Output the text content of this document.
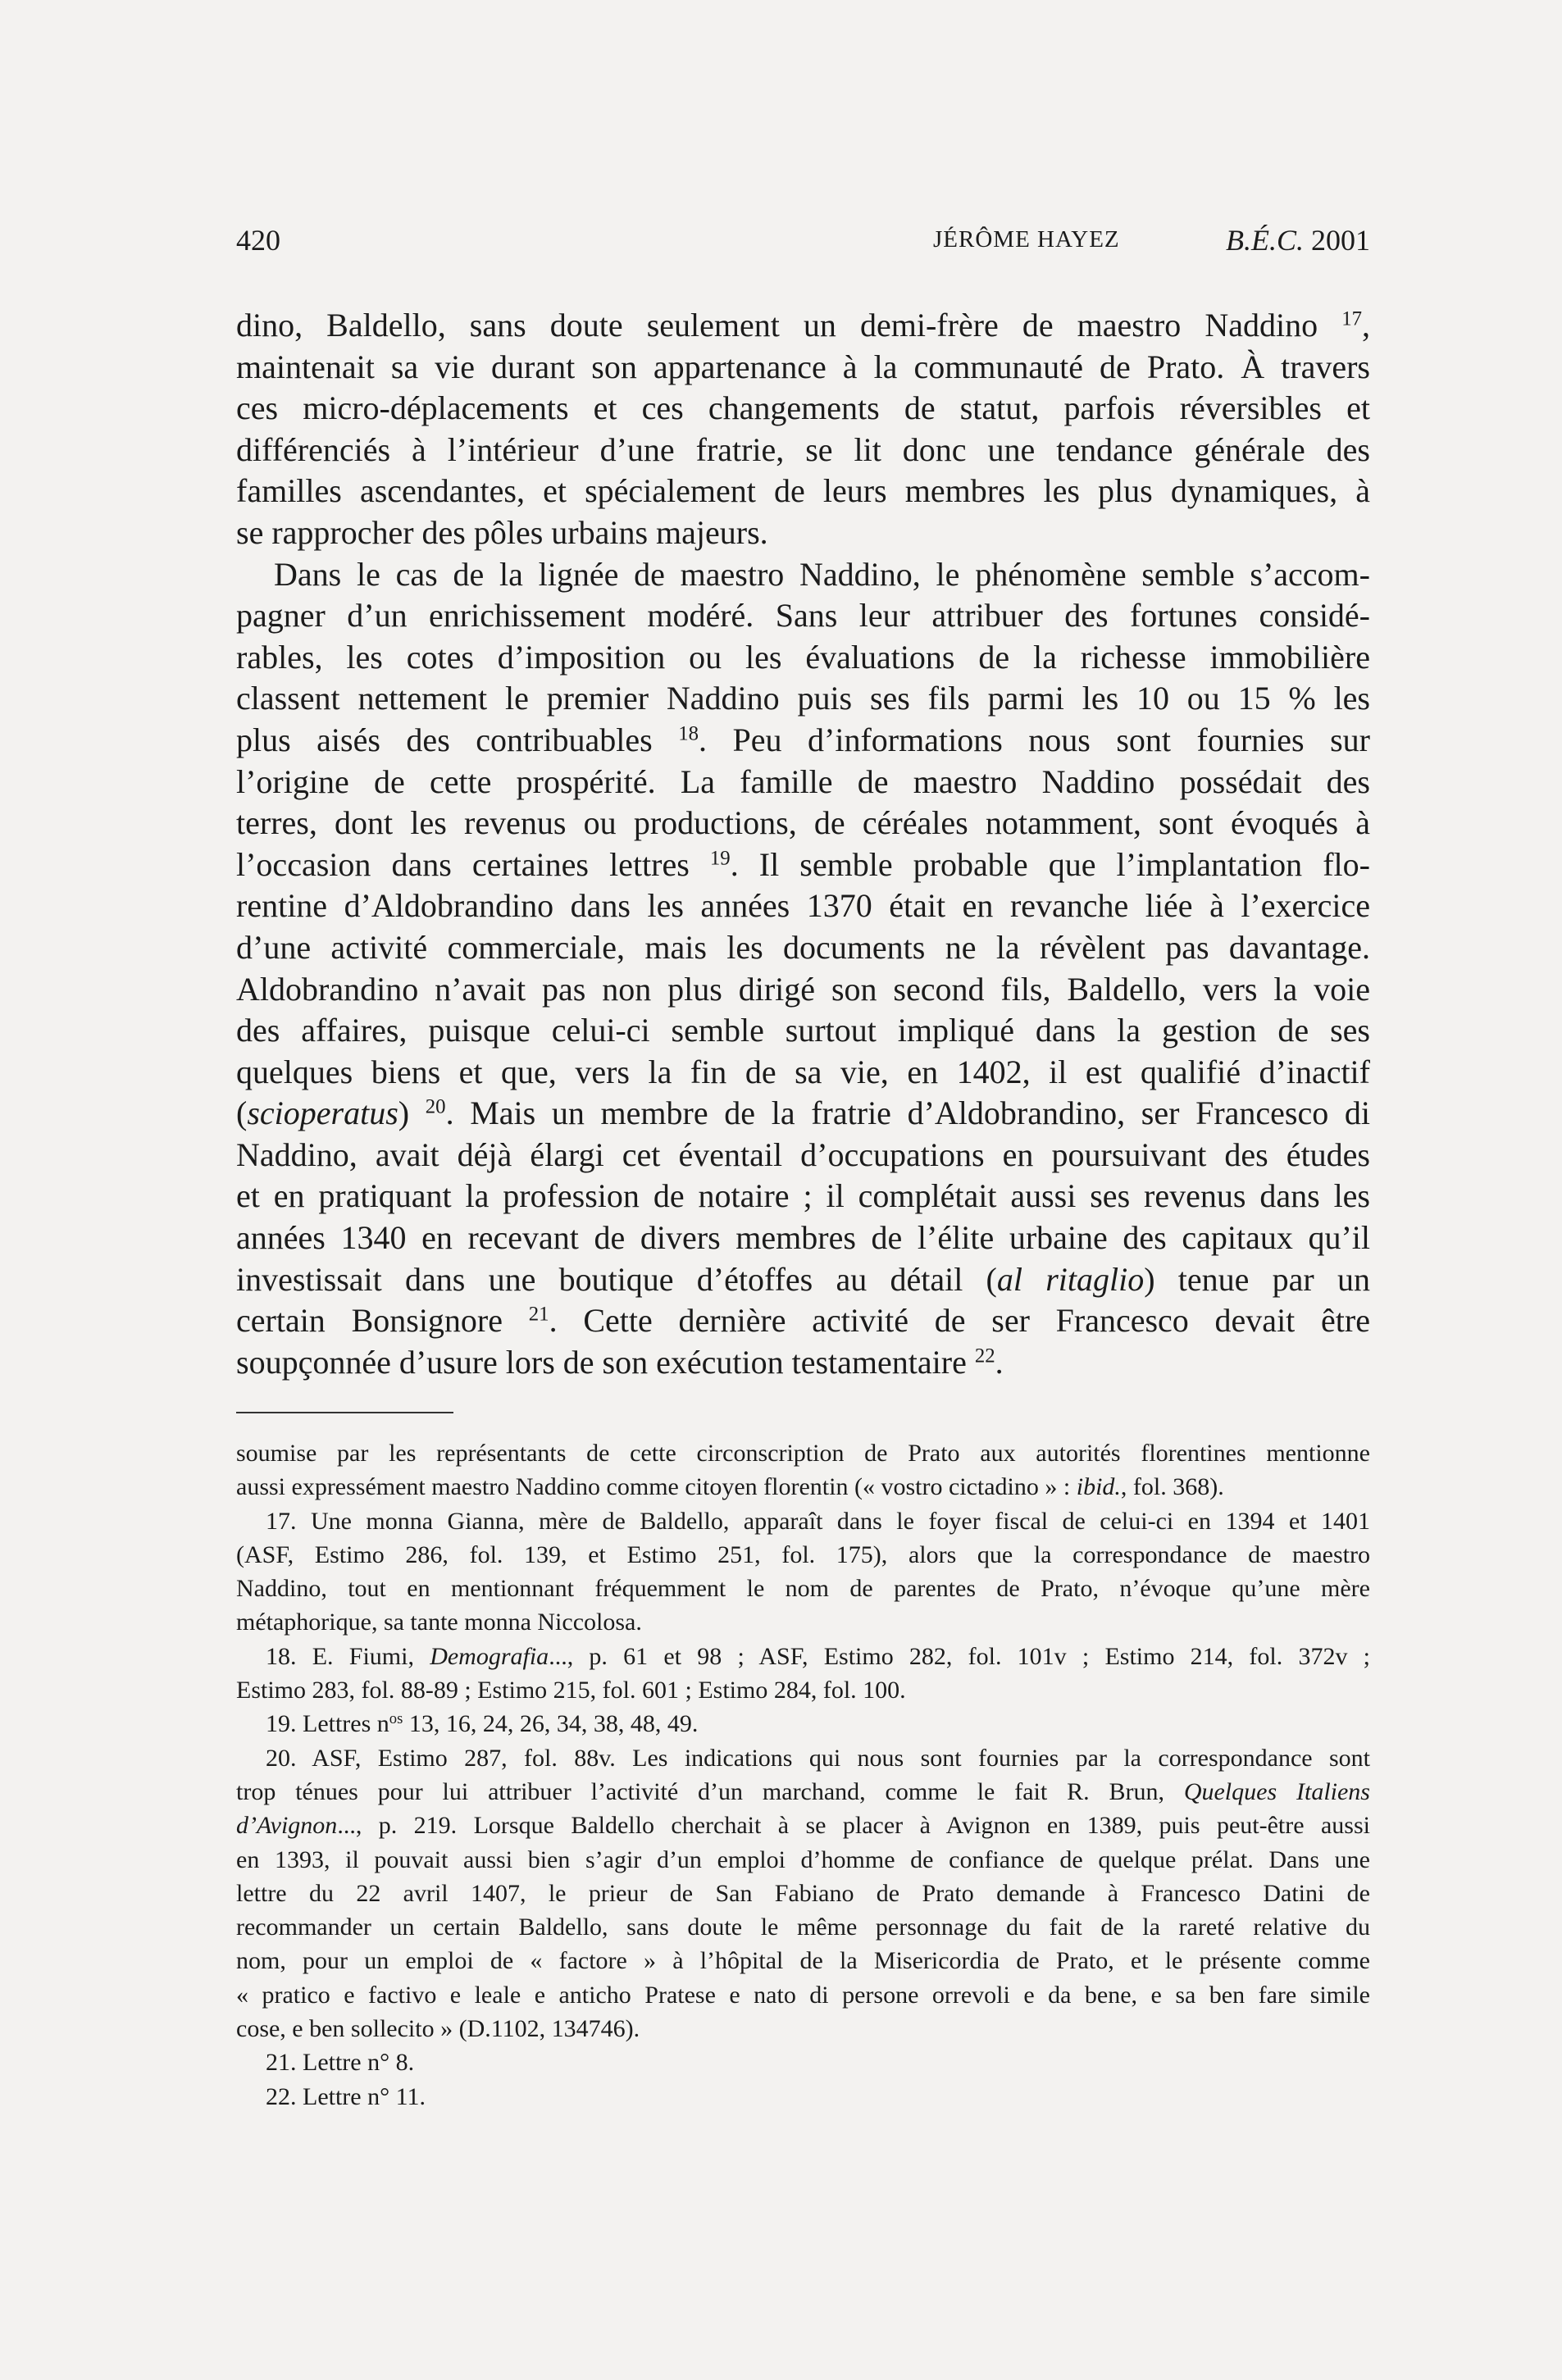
420	JÉRÔME HAYEZ	B.É.C. 2001
dino, Baldello, sans doute seulement un demi-frère de maestro Naddino $^{17}$,
maintenait sa vie durant son appartenance à la communauté de Prato. À travers
ces micro-déplacements et ces changements de statut, parfois réversibles et
différenciés à l’intérieur d’une fratrie, se lit donc une tendance générale des
familles ascendantes, et spécialement de leurs membres les plus dynamiques, à
se rapprocher des pôles urbains majeurs.
Dans le cas de la lignée de maestro Naddino, le phénomène semble s’accom-
pagner d’un enrichissement modéré. Sans leur attribuer des fortunes considé-
rables, les cotes d’imposition ou les évaluations de la richesse immobilière
classent nettement le premier Naddino puis ses fils parmi les 10 ou 15 % les
plus aisés des contribuables $^{18}$. Peu d’informations nous sont fournies sur
l’origine de cette prospérité. La famille de maestro Naddino possédait des
terres, dont les revenus ou productions, de céréales notamment, sont évoqués à
l’occasion dans certaines lettres $^{19}$. Il semble probable que l’implantation flo-
rentine d’Aldobrandino dans les années 1370 était en revanche liée à l’exercice
d’une activité commerciale, mais les documents ne la révèlent pas davantage.
Aldobrandino n’avait pas non plus dirigé son second fils, Baldello, vers la voie
des affaires, puisque celui-ci semble surtout impliqué dans la gestion de ses
quelques biens et que, vers la fin de sa vie, en 1402, il est qualifié d’inactif
(scioperatus) $^{20}$. Mais un membre de la fratrie d’Aldobrandino, ser Francesco di
Naddino, avait déjà élargi cet éventail d’occupations en poursuivant des études
et en pratiquant la profession de notaire ; il complétait aussi ses revenus dans les
années 1340 en recevant de divers membres de l’élite urbaine des capitaux qu’il
investissait dans une boutique d’étoffes au détail (al ritaglio) tenue par un
certain Bonsignore $^{21}$. Cette dernière activité de ser Francesco devait être
soupçonnée d’usure lors de son exécution testamentaire $^{22}$.
soumise par les représentants de cette circonscription de Prato aux autorités florentines mentionne
aussi expressément maestro Naddino comme citoyen florentin (« vostro cictadino » : ibid., fol. 368).
17. Une monna Gianna, mère de Baldello, apparaît dans le foyer fiscal de celui-ci en 1394 et 1401
(ASF, Estimo 286, fol. 139, et Estimo 251, fol. 175), alors que la correspondance de maestro
Naddino, tout en mentionnant fréquemment le nom de parentes de Prato, n’évoque qu’une mère
métaphorique, sa tante monna Niccolosa.
18. E. Fiumi, Demografia..., p. 61 et 98 ; ASF, Estimo 282, fol. 101v ; Estimo 214, fol. 372v ;
Estimo 283, fol. 88-89 ; Estimo 215, fol. 601 ; Estimo 284, fol. 100.
19. Lettres $n^{os}$ 13, 16, 24, 26, 34, 38, 48, 49.
20. ASF, Estimo 287, fol. 88v. Les indications qui nous sont fournies par la correspondance sont
trop ténues pour lui attribuer l’activité d’un marchand, comme le fait R. Brun, Quelques Italiens
d’Avignon..., p. 219. Lorsque Baldello cherchait à se placer à Avignon en 1389, puis peut-être aussi
en 1393, il pouvait aussi bien s’agir d’un emploi d’homme de confiance de quelque prélat. Dans une
lettre du 22 avril 1407, le prieur de San Fabiano de Prato demande à Francesco Datini de
recommander un certain Baldello, sans doute le même personnage du fait de la rareté relative du
nom, pour un emploi de « factore » à l’hôpital de la Misericordia de Prato, et le présente comme
« pratico e factivo e leale e anticho Pratese e nato di persone orrevoli e da bene, e sa ben fare simile
cose, e ben sollecito » (D.1102, 134746).
21. Lettre n° 8.
22. Lettre n° 11.
